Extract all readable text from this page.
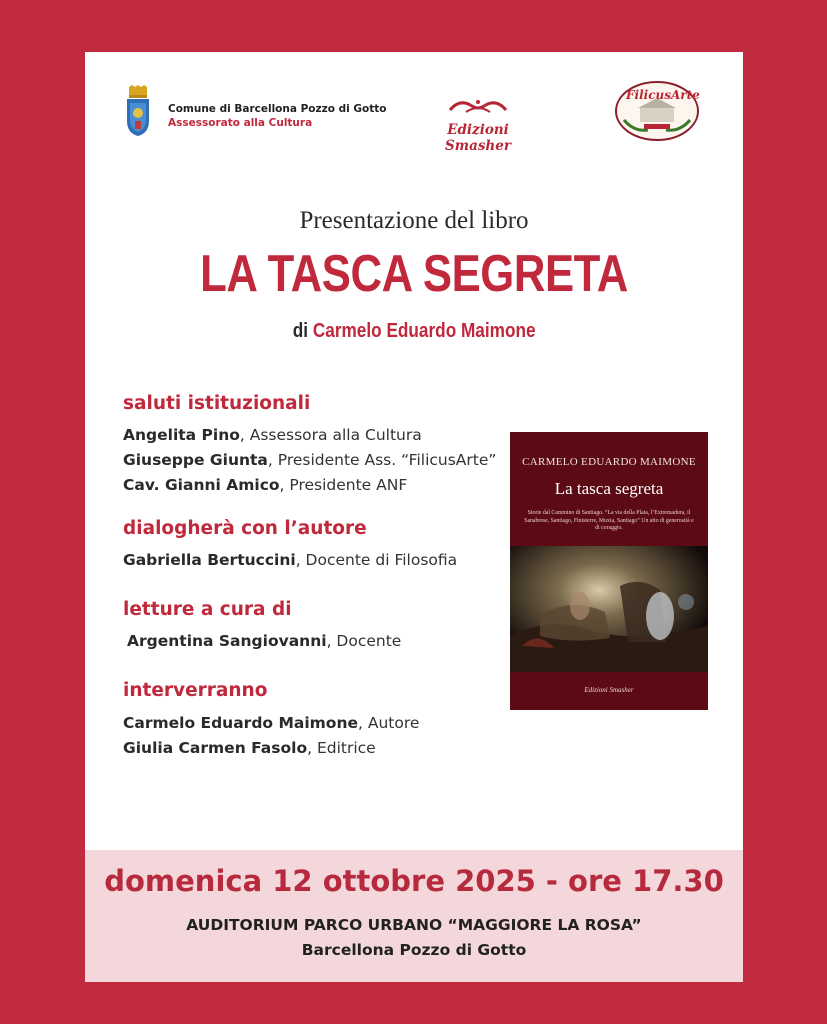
Comune di Barcellona Pozzo di Gotto
Assessorato alla Cultura	Edizioni Smasher
FilicusArte
Presentazione del libro
LA TASCA SEGRETA
di Carmelo Eduardo Maimone
saluti istituzionali
Angelita Pino, Assessora alla Cultura
Giuseppe Giunta, Presidente Ass. “FilicusArte”
Cav. Gianni Amico, Presidente ANF
dialogherà con l’autore
Gabriella Bertuccini, Docente di Filosofia
letture a cura di
Argentina Sangiovanni, Docente
interverranno
Carmelo Eduardo Maimone, Autore
Giulia Carmen Fasolo, Editrice
CARMELO EDUARDO MAIMONE
La tasca segreta
Storie dal Cammino di Santiago. “La via della Plata, l’Extremadura, il Sanabrese, Santiago, Finisterre, Muxia, Santiago” Un atto di generosità e di coraggio.
Edizioni Smasher
domenica 12 ottobre 2025 - ore 17.30
AUDITORIUM PARCO URBANO “MAGGIORE LA ROSA”
Barcellona Pozzo di Gotto
